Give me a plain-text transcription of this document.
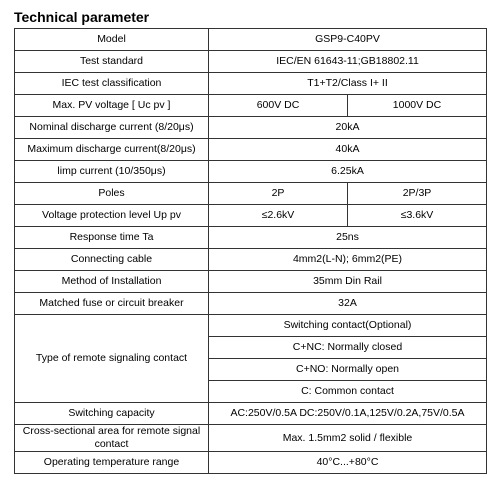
Technical parameter
Model	GSP9-C40PV	
Test standard	IEC/EN 61643-11;GB18802.11	
IEC test classification	T1+T2/Class I+ II	
Max. PV voltage [ Uc pv ]	600V DC	1000V DC
Nominal discharge current (8/20μs)	20kA	
Maximum discharge current(8/20μs)	40kA	
limp current (10/350μs)	6.25kA	
Poles	2P	2P/3P
Voltage protection level Up pv	≤2.6kV	≤3.6kV
Response time Ta	25ns	
Connecting cable	4mm2(L-N); 6mm2(PE)	
Method of Installation	35mm Din Rail	
Matched fuse or circuit breaker	32A	
Type of remote signaling contact	Switching contact(Optional)	
	C+NC: Normally closed	
	C+NO: Normally open	
	C: Common contact	
Switching capacity	AC:250V/0.5A DC:250V/0.1A,125V/0.2A,75V/0.5A	
Cross-sectional area for remote signal
contact	Max. 1.5mm2 solid / flexible	
Operating temperature range	40°C...+80°C	
